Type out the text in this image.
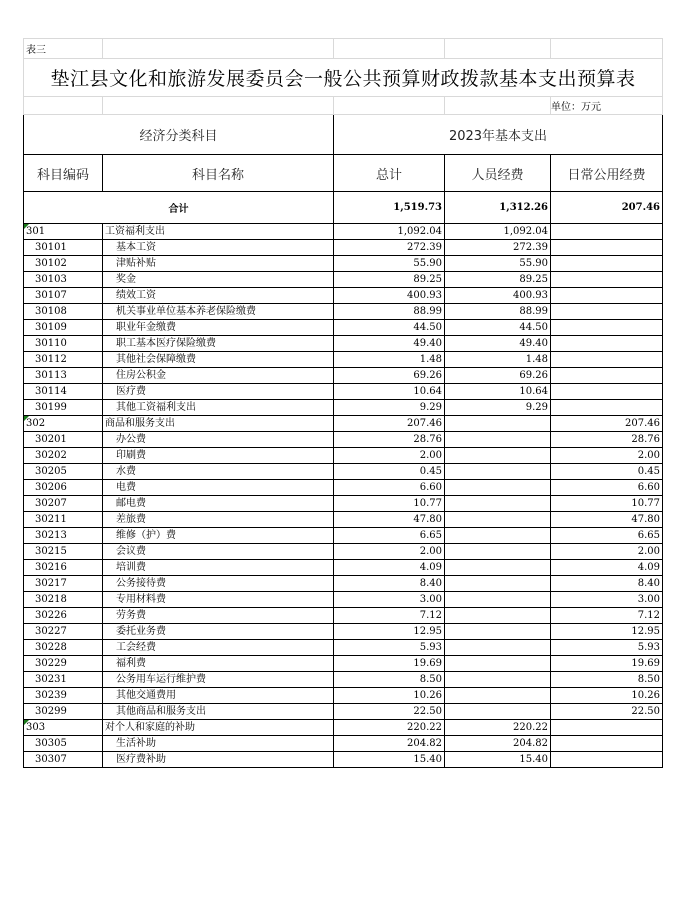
表三				
垫江县文化和旅游发展委员会一般公共预算财政拨款基本支出预算表				
				单位：万元
经济分类科目		2023年基本支出		
科目编码	科目名称	总计	人员经费	日常公用经费
合计		1,519.73	1,312.26	207.46
301	工资福利支出	1,092.04	1,092.04	
30101	基本工资	272.39	272.39	
30102	津贴补贴	55.90	55.90	
30103	奖金	89.25	89.25	
30107	绩效工资	400.93	400.93	
30108	机关事业单位基本养老保险缴费	88.99	88.99	
30109	职业年金缴费	44.50	44.50	
30110	职工基本医疗保险缴费	49.40	49.40	
30112	其他社会保障缴费	1.48	1.48	
30113	住房公积金	69.26	69.26	
30114	医疗费	10.64	10.64	
30199	其他工资福利支出	9.29	9.29	
302	商品和服务支出	207.46		207.46
30201	办公费	28.76		28.76
30202	印刷费	2.00		2.00
30205	水费	0.45		0.45
30206	电费	6.60		6.60
30207	邮电费	10.77		10.77
30211	差旅费	47.80		47.80
30213	维修（护）费	6.65		6.65
30215	会议费	2.00		2.00
30216	培训费	4.09		4.09
30217	公务接待费	8.40		8.40
30218	专用材料费	3.00		3.00
30226	劳务费	7.12		7.12
30227	委托业务费	12.95		12.95
30228	工会经费	5.93		5.93
30229	福利费	19.69		19.69
30231	公务用车运行维护费	8.50		8.50
30239	其他交通费用	10.26		10.26
30299	其他商品和服务支出	22.50		22.50
303	对个人和家庭的补助	220.22	220.22	
30305	生活补助	204.82	204.82	
30307	医疗费补助	15.40	15.40	
